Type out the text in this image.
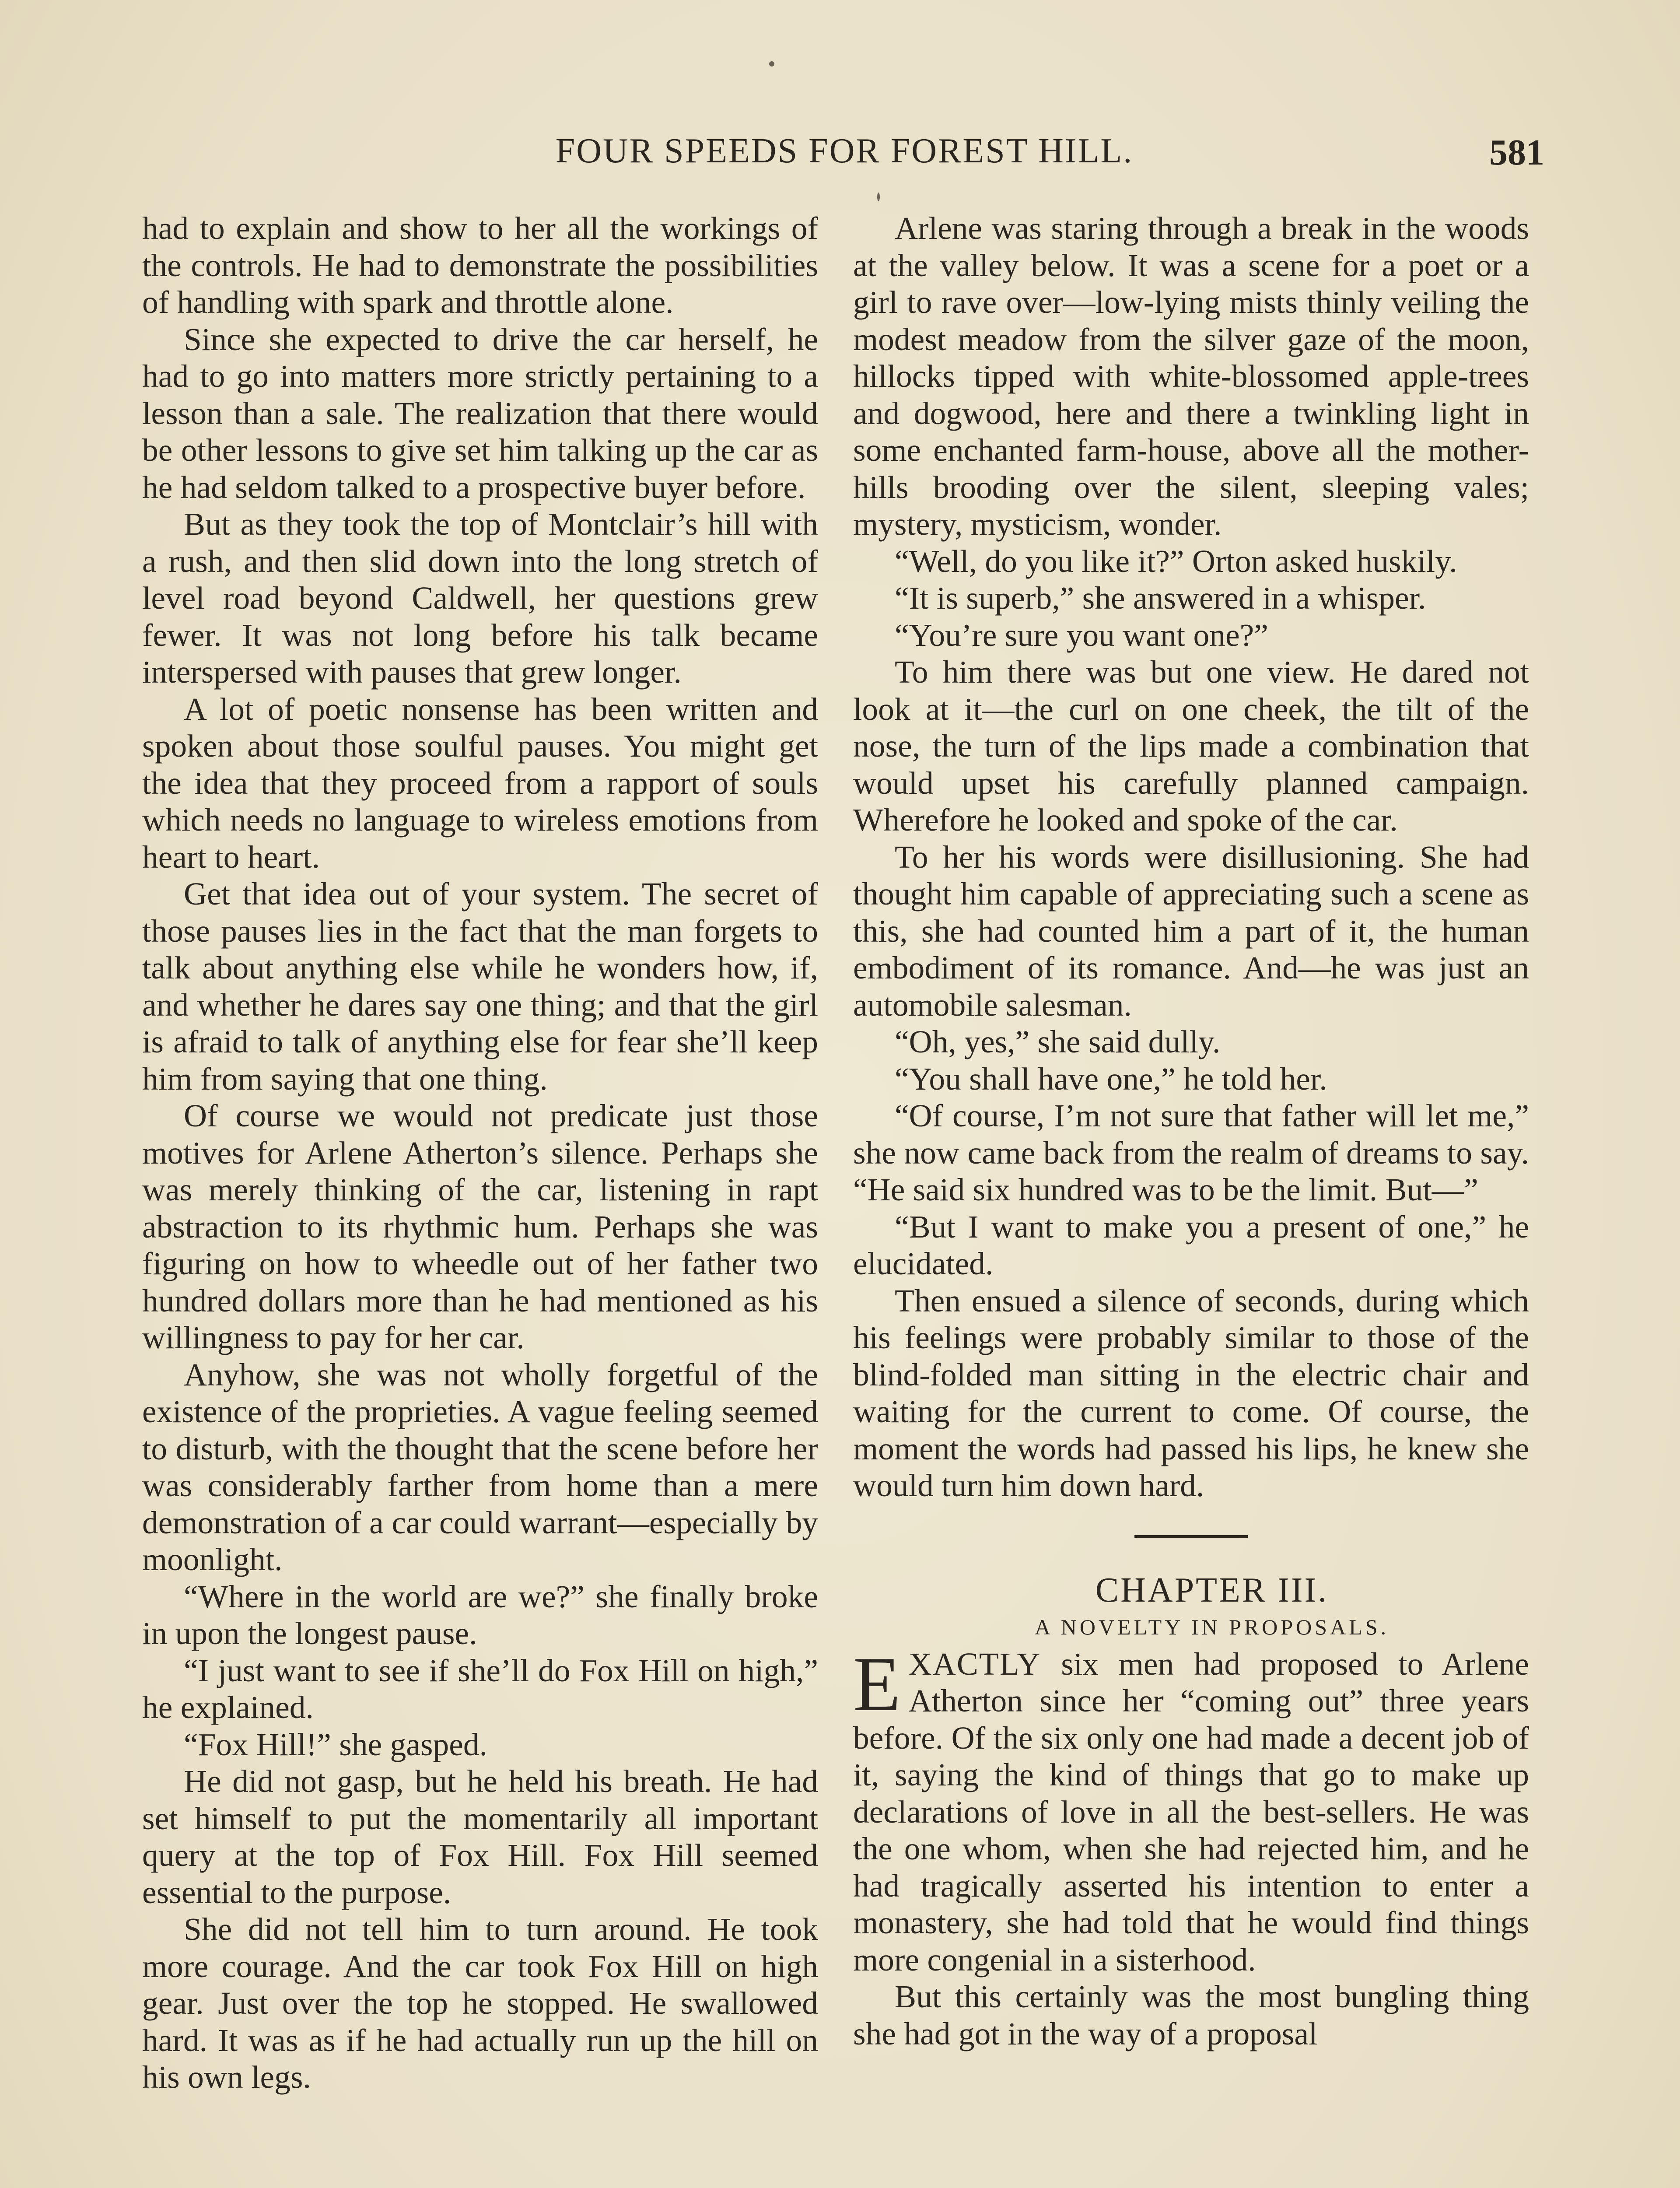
FOUR SPEEDS FOR FOREST HILL.	581

had to explain and show to her all the workings of the controls. He had to demonstrate the possibilities of handling with spark and throttle alone.

Since she expected to drive the car herself, he had to go into matters more strictly pertaining to a lesson than a sale. The realization that there would be other lessons to give set him talking up the car as he had seldom talked to a prospective buyer before.

But as they took the top of Montclair’s hill with a rush, and then slid down into the long stretch of level road beyond Caldwell, her questions grew fewer. It was not long before his talk became interspersed with pauses that grew longer.

A lot of poetic nonsense has been written and spoken about those soulful pauses. You might get the idea that they proceed from a rapport of souls which needs no language to wireless emotions from heart to heart.

Get that idea out of your system. The secret of those pauses lies in the fact that the man forgets to talk about anything else while he wonders how, if, and whether he dares say one thing; and that the girl is afraid to talk of anything else for fear she’ll keep him from saying that one thing.

Of course we would not predicate just those motives for Arlene Atherton’s silence. Perhaps she was merely thinking of the car, listening in rapt abstraction to its rhythmic hum. Perhaps she was figuring on how to wheedle out of her father two hundred dollars more than he had mentioned as his willingness to pay for her car.

Anyhow, she was not wholly forgetful of the existence of the proprieties. A vague feeling seemed to disturb, with the thought that the scene before her was considerably farther from home than a mere demonstration of a car could warrant—especially by moonlight.

“Where in the world are we?” she finally broke in upon the longest pause.

“I just want to see if she’ll do Fox Hill on high,” he explained.

“Fox Hill!” she gasped.

He did not gasp, but he held his breath. He had set himself to put the momentarily all important query at the top of Fox Hill. Fox Hill seemed essential to the purpose.

She did not tell him to turn around. He took more courage. And the car took Fox Hill on high gear. Just over the top he stopped. He swallowed hard. It was as if he had actually run up the hill on his own legs.

Arlene was staring through a break in the woods at the valley below. It was a scene for a poet or a girl to rave over—low-lying mists thinly veiling the modest meadow from the silver gaze of the moon, hillocks tipped with white-blossomed apple-trees and dogwood, here and there a twinkling light in some enchanted farm-house, above all the mother-hills brooding over the silent, sleeping vales; mystery, mysticism, wonder.

“Well, do you like it?” Orton asked huskily.

“It is superb,” she answered in a whisper.

“You’re sure you want one?”

To him there was but one view. He dared not look at it—the curl on one cheek, the tilt of the nose, the turn of the lips made a combination that would upset his carefully planned campaign. Wherefore he looked and spoke of the car.

To her his words were disillusioning. She had thought him capable of appreciating such a scene as this, she had counted him a part of it, the human embodiment of its romance. And—he was just an automobile salesman.

“Oh, yes,” she said dully.

“You shall have one,” he told her.

“Of course, I’m not sure that father will let me,” she now came back from the realm of dreams to say. “He said six hundred was to be the limit. But—”

“But I want to make you a present of one,” he elucidated.

Then ensued a silence of seconds, during which his feelings were probably similar to those of the blind-folded man sitting in the electric chair and waiting for the current to come. Of course, the moment the words had passed his lips, he knew she would turn him down hard.

CHAPTER III.

A NOVELTY IN PROPOSALS.

EXACTLY six men had proposed to Arlene Atherton since her “coming out” three years before. Of the six only one had made a decent job of it, saying the kind of things that go to make up declarations of love in all the best-sellers. He was the one whom, when she had rejected him, and he had tragically asserted his intention to enter a monastery, she had told that he would find things more congenial in a sisterhood.

But this certainly was the most bungling thing she had got in the way of a proposal
